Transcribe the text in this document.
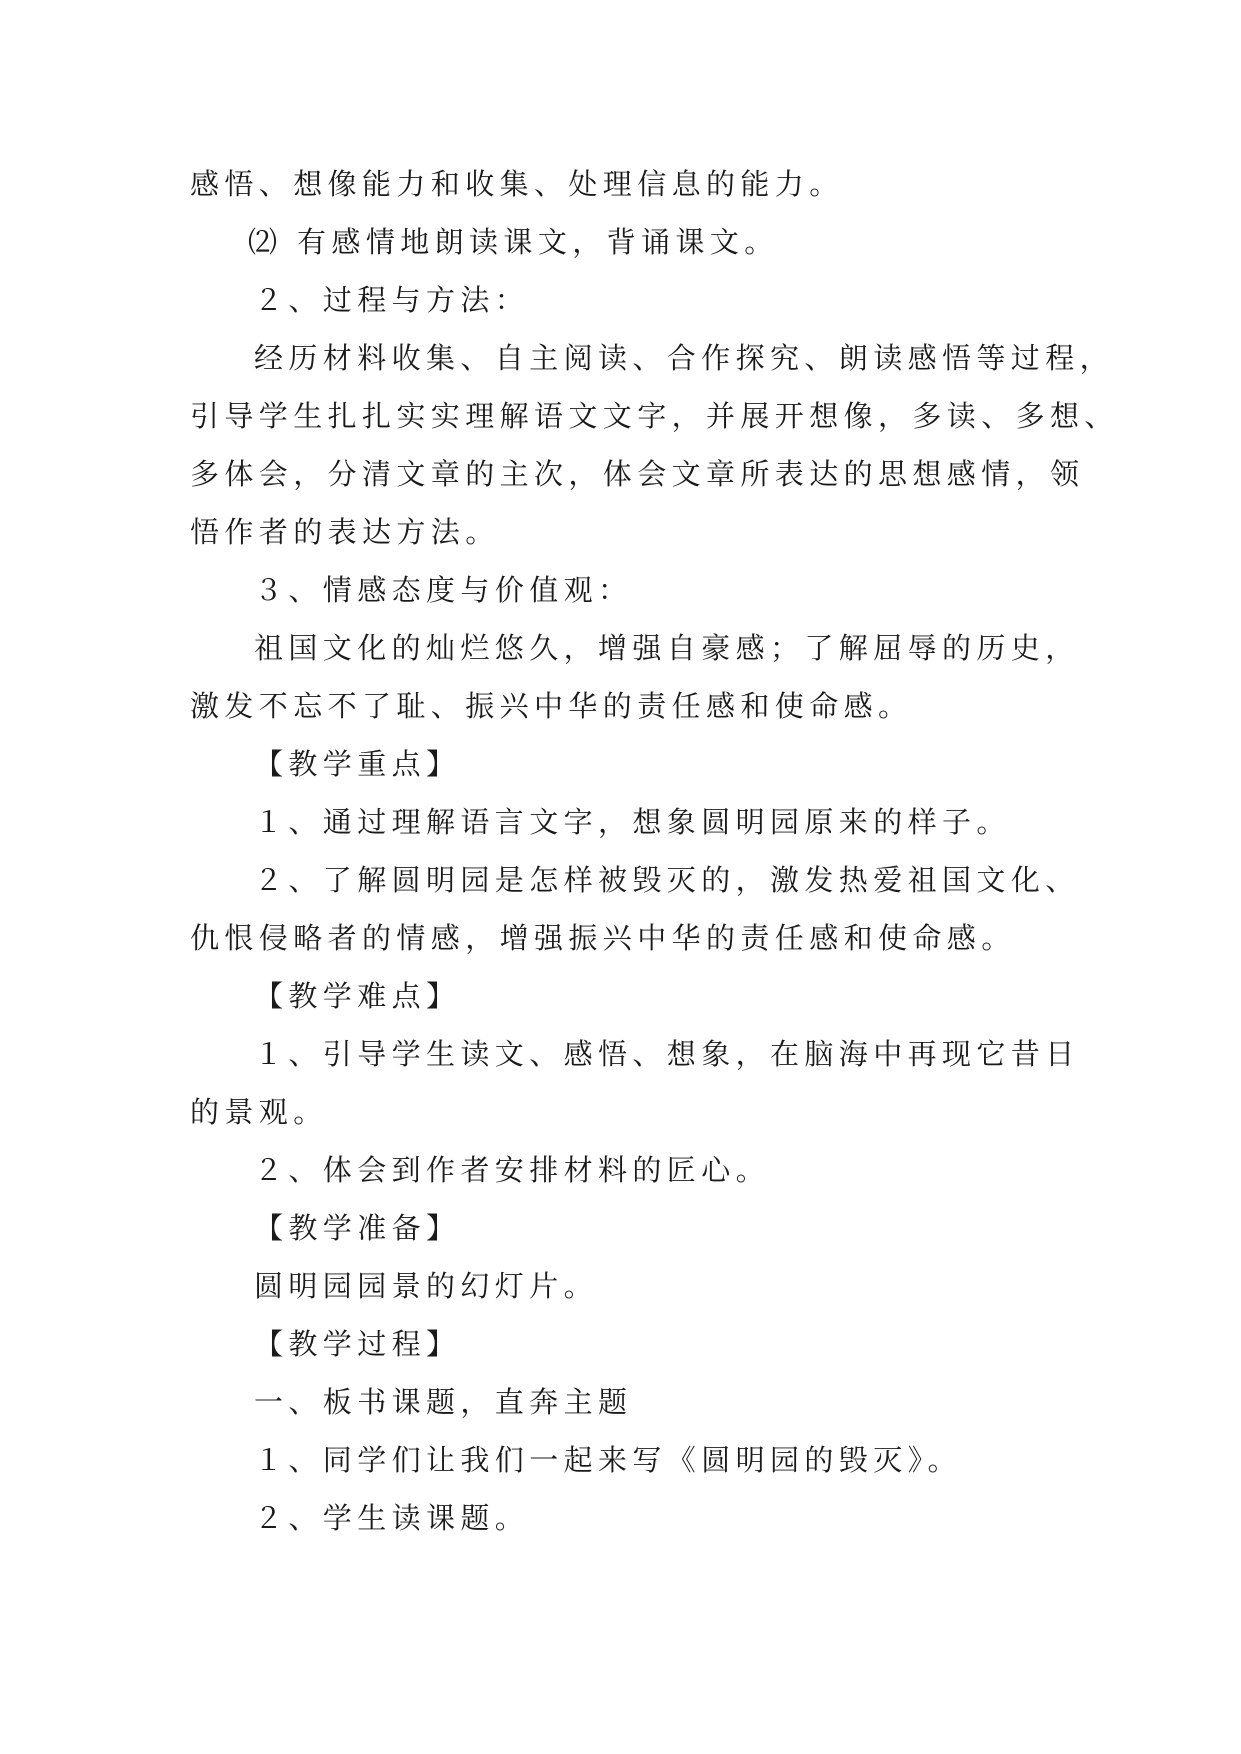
感悟、想像能力和收集、处理信息的能力。
⑵ 有感情地朗读课文，背诵课文。
２、过程与方法：
经历材料收集、自主阅读、合作探究、朗读感悟等过程，
引导学生扎扎实实理解语文文字，并展开想像，多读、多想、
多体会，分清文章的主次，体会文章所表达的思想感情，领
悟作者的表达方法。
３、情感态度与价值观：
祖国文化的灿烂悠久，增强自豪感；了解屈辱的历史，
激发不忘不了耻、振兴中华的责任感和使命感。
【教学重点】
１、通过理解语言文字，想象圆明园原来的样子。
２、了解圆明园是怎样被毁灭的，激发热爱祖国文化、
仇恨侵略者的情感，增强振兴中华的责任感和使命感。
【教学难点】
１、引导学生读文、感悟、想象，在脑海中再现它昔日
的景观。
２、体会到作者安排材料的匠心。
【教学准备】
圆明园园景的幻灯片。
【教学过程】
一、板书课题，直奔主题
１、同学们让我们一起来写《圆明园的毁灭》。
２、学生读课题。
